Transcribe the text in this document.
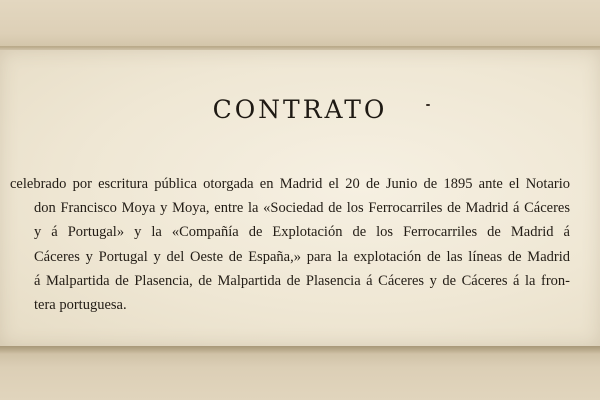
CONTRATO

celebrado por escritura pública otorgada en Madrid el 20 de Junio de 1895 ante el Notario
don Francisco Moya y Moya, entre la «Sociedad de los Ferrocarriles de Madrid á Cáceres
y á Portugal» y la «Compañía de Explotación de los Ferrocarriles de Madrid á
Cáceres y Portugal y del Oeste de España,» para la explotación de las líneas de Madrid
á Malpartida de Plasencia, de Malpartida de Plasencia á Cáceres y de Cáceres á la fron-
tera portuguesa.
